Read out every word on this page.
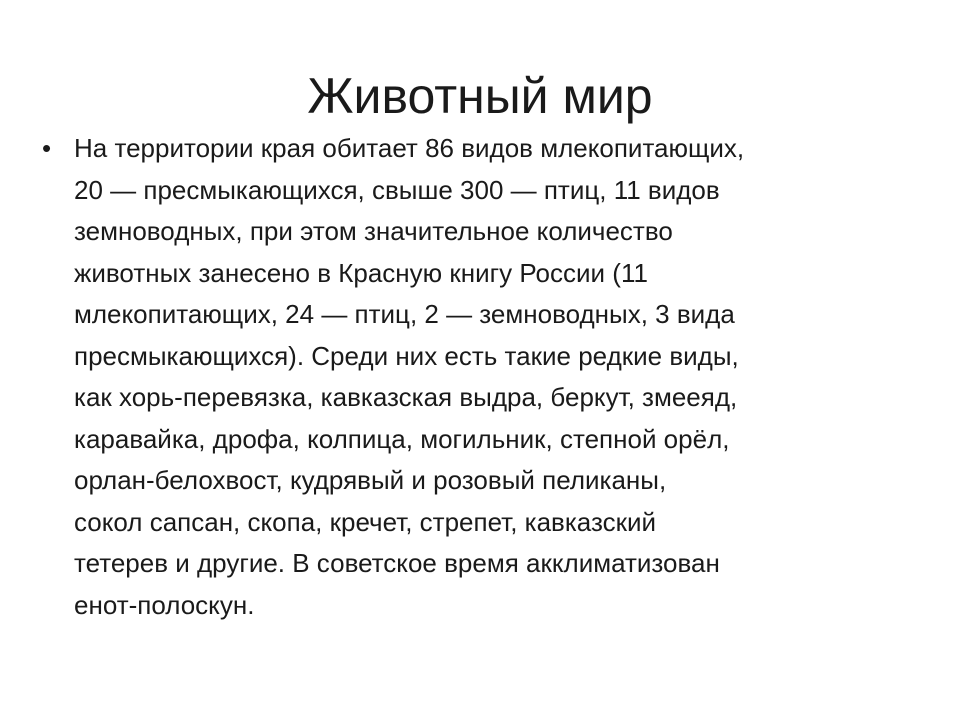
Животный мир
• На территории края обитает 86 видов млекопитающих,
20 — пресмыкающихся, свыше 300 — птиц, 11 видов
земноводных, при этом значительное количество
животных занесено в Красную книгу России (11
млекопитающих, 24 — птиц, 2 — земноводных, 3 вида
пресмыкающихся). Среди них есть такие редкие виды,
как хорь-перевязка, кавказская выдра, беркут, змееяд,
каравайка, дрофа, колпица, могильник, степной орёл,
орлан-белохвост, кудрявый и розовый пеликаны,
сокол сапсан, скопа, кречет, стрепет, кавказский
тетерев и другие. В советское время акклиматизован
енот-полоскун.
